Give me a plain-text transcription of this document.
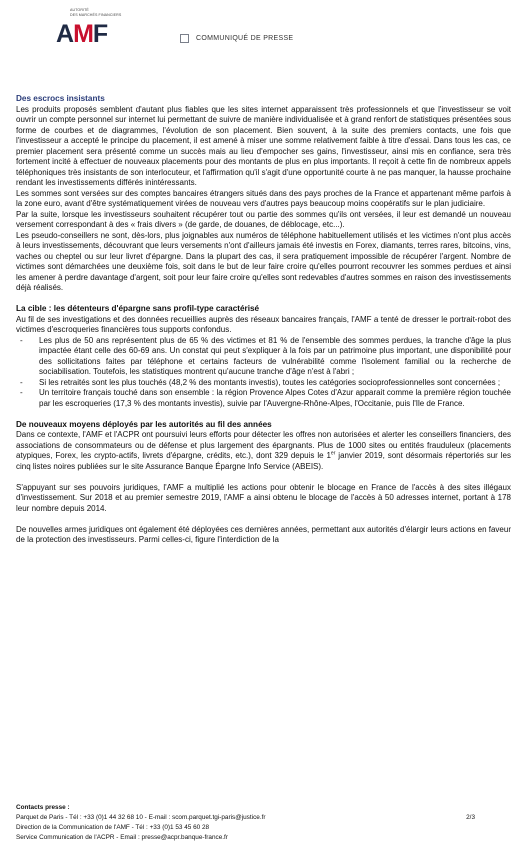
AUTORITÉ
DES MARCHÉS FINANCIERS
AMF	COMMUNIQUÉ DE PRESSE

Des escrocs insistants

Les produits proposés semblent d'autant plus fiables que les sites internet apparaissent très professionnels et que l'investisseur se voit ouvrir un compte personnel sur internet lui permettant de suivre de manière individualisée et à grand renfort de statistiques présentées sous forme de courbes et de diagrammes, l'évolution de son placement. Bien souvent, à la suite des premiers contacts, une fois que l'investisseur a accepté le principe du placement, il est amené à miser une somme relativement faible à titre d'essai. Dans tous les cas, ce premier placement sera présenté comme un succès mais au lieu d'empocher ses gains, l'investisseur, ainsi mis en confiance, sera très fortement incité à effectuer de nouveaux placements pour des montants de plus en plus importants. Il reçoit à cette fin de nombreux appels téléphoniques très insistants de son interlocuteur, et l'affirmation qu'il s'agit d'une opportunité courte à ne pas manquer, la hausse prochaine rendant les investissements différés inintéressants.

Les sommes sont versées sur des comptes bancaires étrangers situés dans des pays proches de la France et appartenant même parfois à la zone euro, avant d'être systématiquement virées de nouveau vers d'autres pays beaucoup moins coopératifs sur le plan judiciaire.

Par la suite, lorsque les investisseurs souhaitent récupérer tout ou partie des sommes qu'ils ont versées, il leur est demandé un nouveau versement correspondant à des « frais divers » (de garde, de douanes, de déblocage, etc...).

Les pseudo-conseillers ne sont, dès-lors, plus joignables aux numéros de téléphone habituellement utilisés et les victimes n'ont plus accès à leurs investissements, découvrant que leurs versements n'ont d'ailleurs jamais été investis en Forex, diamants, terres rares, bitcoins, vins, vaches ou cheptel ou sur leur livret d'épargne. Dans la plupart des cas, il sera pratiquement impossible de récupérer l'argent. Nombre de victimes sont démarchées une deuxième fois, soit dans le but de leur faire croire qu'elles pourront recouvrer les sommes perdues et ainsi les amener à perdre davantage d'argent, soit pour leur faire croire qu'elles sont redevables d'autres sommes en raison des investissements déjà réalisés.

La cible : les détenteurs d'épargne sans profil-type caractérisé

Au fil de ses investigations et des données recueillies auprès des réseaux bancaires français, l'AMF a tenté de dresser le portrait-robot des victimes d'escroqueries financières tous supports confondus.

- Les plus de 50 ans représentent plus de 65 % des victimes et 81 % de l'ensemble des sommes perdues, la tranche d'âge la plus impactée étant celle des 60-69 ans. Un constat qui peut s'expliquer à la fois par un patrimoine plus important, une disponibilité pour des sollicitations faites par téléphone et certains facteurs de vulnérabilité comme l'isolement familial ou la recherche de sociabilisation. Toutefois, les statistiques montrent qu'aucune tranche d'âge n'est à l'abri ;
- Si les retraités sont les plus touchés (48,2 % des montants investis), toutes les catégories socioprofessionnelles sont concernées ;
- Un territoire français touché dans son ensemble : la région Provence Alpes Cotes d'Azur apparait comme la première région touchée par les escroqueries (17,3 % des montants investis), suivie par l'Auvergne-Rhône-Alpes, l'Occitanie, puis l'Ile de France.

De nouveaux moyens déployés par les autorités au fil des années

Dans ce contexte, l'AMF et l'ACPR ont poursuivi leurs efforts pour détecter les offres non autorisées et alerter les conseillers financiers, des associations de consommateurs ou de défense et plus largement des épargnants. Plus de 1000 sites ou entités frauduleux (placements atypiques, Forex, les crypto-actifs, livrets d'épargne, crédits, etc.), dont 329 depuis le 1er janvier 2019, sont désormais répertoriés sur les cinq listes noires publiées sur le site Assurance Banque Épargne Info Service (ABEIS).

S'appuyant sur ses pouvoirs juridiques, l'AMF a multiplié les actions pour obtenir le blocage en France de l'accès à des sites illégaux d'investissement. Sur 2018 et au premier semestre 2019, l'AMF a ainsi obtenu le blocage de l'accès à 50 adresses internet, portant à 178 leur nombre depuis 2014.

De nouvelles armes juridiques ont également été déployées ces dernières années, permettant aux autorités d'élargir leurs actions en faveur de la protection des investisseurs. Parmi celles-ci, figure l'interdiction de la

Contacts presse :
Parquet de Paris - Tél : +33 (0)1 44 32 68 10 - E-mail : scom.parquet.tgi-paris@justice.fr
Direction de la Communication de l'AMF - Tél : +33 (0)1 53 45 60 28
Service Communication de l'ACPR - Email : presse@acpr.banque-france.fr
2/3
